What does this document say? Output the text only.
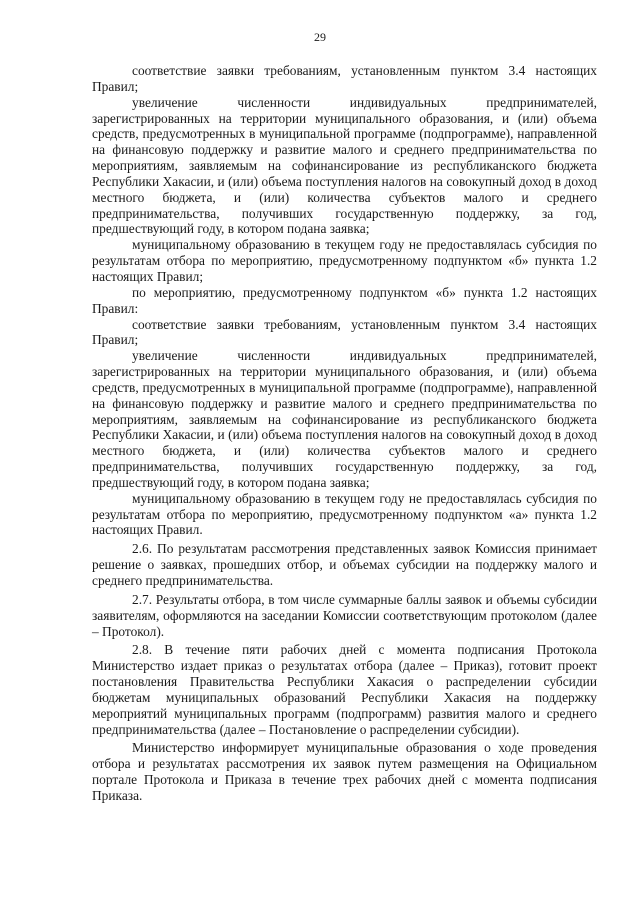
29

соответствие заявки требованиям, установленным пунктом 3.4 настоящих Правил;

увеличение численности индивидуальных предпринимателей, зарегистрированных на территории муниципального образования, и (или) объема средств, предусмотренных в муниципальной программе (подпрограмме), направленной на финансовую поддержку и развитие малого и среднего предпринимательства по мероприятиям, заявляемым на софинансирование из республиканского бюджета Республики Хакасии, и (или) объема поступления налогов на совокупный доход в доход местного бюджета, и (или) количества субъектов малого и среднего предпринимательства, получивших государственную поддержку, за год, предшествующий году, в котором подана заявка;

муниципальному образованию в текущем году не предоставлялась субсидия по результатам отбора по мероприятию, предусмотренному подпунктом «б» пункта 1.2 настоящих Правил;

по мероприятию, предусмотренному подпунктом «б» пункта 1.2 настоящих Правил:

соответствие заявки требованиям, установленным пунктом 3.4 настоящих Правил;

увеличение численности индивидуальных предпринимателей, зарегистрированных на территории муниципального образования, и (или) объема средств, предусмотренных в муниципальной программе (подпрограмме), направленной на финансовую поддержку и развитие малого и среднего предпринимательства по мероприятиям, заявляемым на софинансирование из республиканского бюджета Республики Хакасии, и (или) объема поступления налогов на совокупный доход в доход местного бюджета, и (или) количества субъектов малого и среднего предпринимательства, получивших государственную поддержку, за год, предшествующий году, в котором подана заявка;

муниципальному образованию в текущем году не предоставлялась субсидия по результатам отбора по мероприятию, предусмотренному подпунктом «а» пункта 1.2 настоящих Правил.

2.6. По результатам рассмотрения представленных заявок Комиссия принимает решение о заявках, прошедших отбор, и объемах субсидии на поддержку малого и среднего предпринимательства.

2.7. Результаты отбора, в том числе суммарные баллы заявок и объемы субсидии заявителям, оформляются на заседании Комиссии соответствующим протоколом (далее – Протокол).

2.8. В течение пяти рабочих дней с момента подписания Протокола Министерство издает приказ о результатах отбора (далее – Приказ), готовит проект постановления Правительства Республики Хакасия о распределении субсидии бюджетам муниципальных образований Республики Хакасия на поддержку мероприятий муниципальных программ (подпрограмм) развития малого и среднего предпринимательства (далее – Постановление о распределении субсидии).

Министерство информирует муниципальные образования о ходе проведения отбора и результатах рассмотрения их заявок путем размещения на Официальном портале Протокола и Приказа в течение трех рабочих дней с момента подписания Приказа.
